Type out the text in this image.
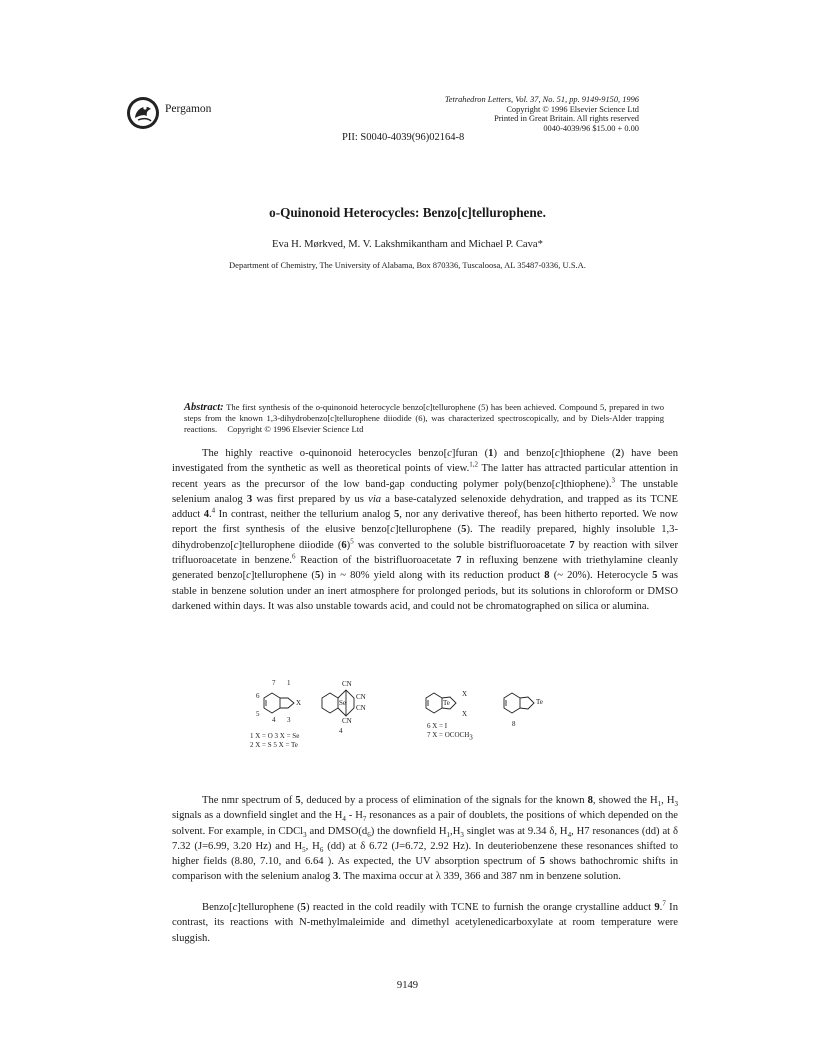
Pergamon
Tetrahedron Letters, Vol. 37, No. 51, pp. 9149-9150, 1996
Copyright © 1996 Elsevier Science Ltd
Printed in Great Britain. All rights reserved
0040-4039/96 $15.00 + 0.00
PII: S0040-4039(96)02164-8
o-Quinonoid Heterocycles: Benzo[c]tellurophene.
Eva H. Mørkved, M. V. Lakshmikantham and Michael P. Cava*
Department of Chemistry, The University of Alabama, Box 870336, Tuscaloosa, AL 35487-0336, U.S.A.
Abstract: The first synthesis of the o-quinonoid heterocycle benzo[c]tellurophene (5) has been achieved. Compound 5, prepared in two steps from the known 1,3-dihydrobenzo[c]tellurophene diiodide (6), was characterized spectroscopically, and by Diels-Alder trapping reactions. Copyright © 1996 Elsevier Science Ltd
The highly reactive o-quinonoid heterocycles benzo[c]furan (1) and benzo[c]thiophene (2) have been investigated from the synthetic as well as theoretical points of view.$^{1,2}$ The latter has attracted particular attention in recent years as the precursor of the low band-gap conducting polymer poly(benzo[c]thiophene).$^3$ The unstable selenium analog 3 was first prepared by us via a base-catalyzed selenoxide dehydration, and trapped as its TCNE adduct 4.$^4$ In contrast, neither the tellurium analog 5, nor any derivative thereof, has been hitherto reported. We now report the first synthesis of the elusive benzo[c]tellurophene (5). The readily prepared, highly insoluble 1,3-dihydrobenzo[c]tellurophene diiodide $(6)^5$ was converted to the soluble bistrifluoroacetate 7 by reaction with silver trifluoroacetate in benzene.$^6$ Reaction of the bistrifluoroacetate 7 in refluxing benzene with triethylamine cleanly generated benzo[c]tellurophene (5) in ~ 80% yield along with its reduction product 8 (~ 20%). Heterocycle 5 was stable in benzene solution under an inert atmosphere for prolonged periods, but its solutions in chloroform or DMSO darkened within days. It was also unstable towards acid, and could not be chromatographed on silica or alumina.
7 1
6
5
4 3
X
1 X = O 3 X = Se
2 X = S 5 X = Te
CN
CN
CN
CN
Se
4
Te
X
X
6 X = I
7 $X = OCOCH_3$
Te
8
The nmr spectrum of 5, deduced by a process of elimination of the signals for the known 8, showed the $H_1$, $H_3$ signals as a downfield singlet and the $H_4 - H_7$ resonances as a pair of doublets, the positions of which depended on the solvent. For example, in CDCl$_3$ and $DMSO(d_6)$ the downfield $H_1,H_3$ singlet was at 9.34 δ, $H_4$, H7 resonances (dd) at δ 7.32 (J=6.99, 3.20 Hz) and $H_5$, $H_6$ (dd) at δ 6.72 (J=6.72, 2.92 Hz). In deuteriobenzene these resonances shifted to higher fields (8.80, 7.10, and 6.64 ). As expected, the UV absorption spectrum of 5 shows bathochromic shifts in comparison with the selenium analog 3. The maxima occur at λ 339, 366 and 387 nm in benzene solution.
Benzo[c]tellurophene (5) reacted in the cold readily with TCNE to furnish the orange crystalline adduct 9.$^7$ In contrast, its reactions with N-methylmaleimide and dimethyl acetylenedicarboxylate at room temperature were sluggish.
9149
